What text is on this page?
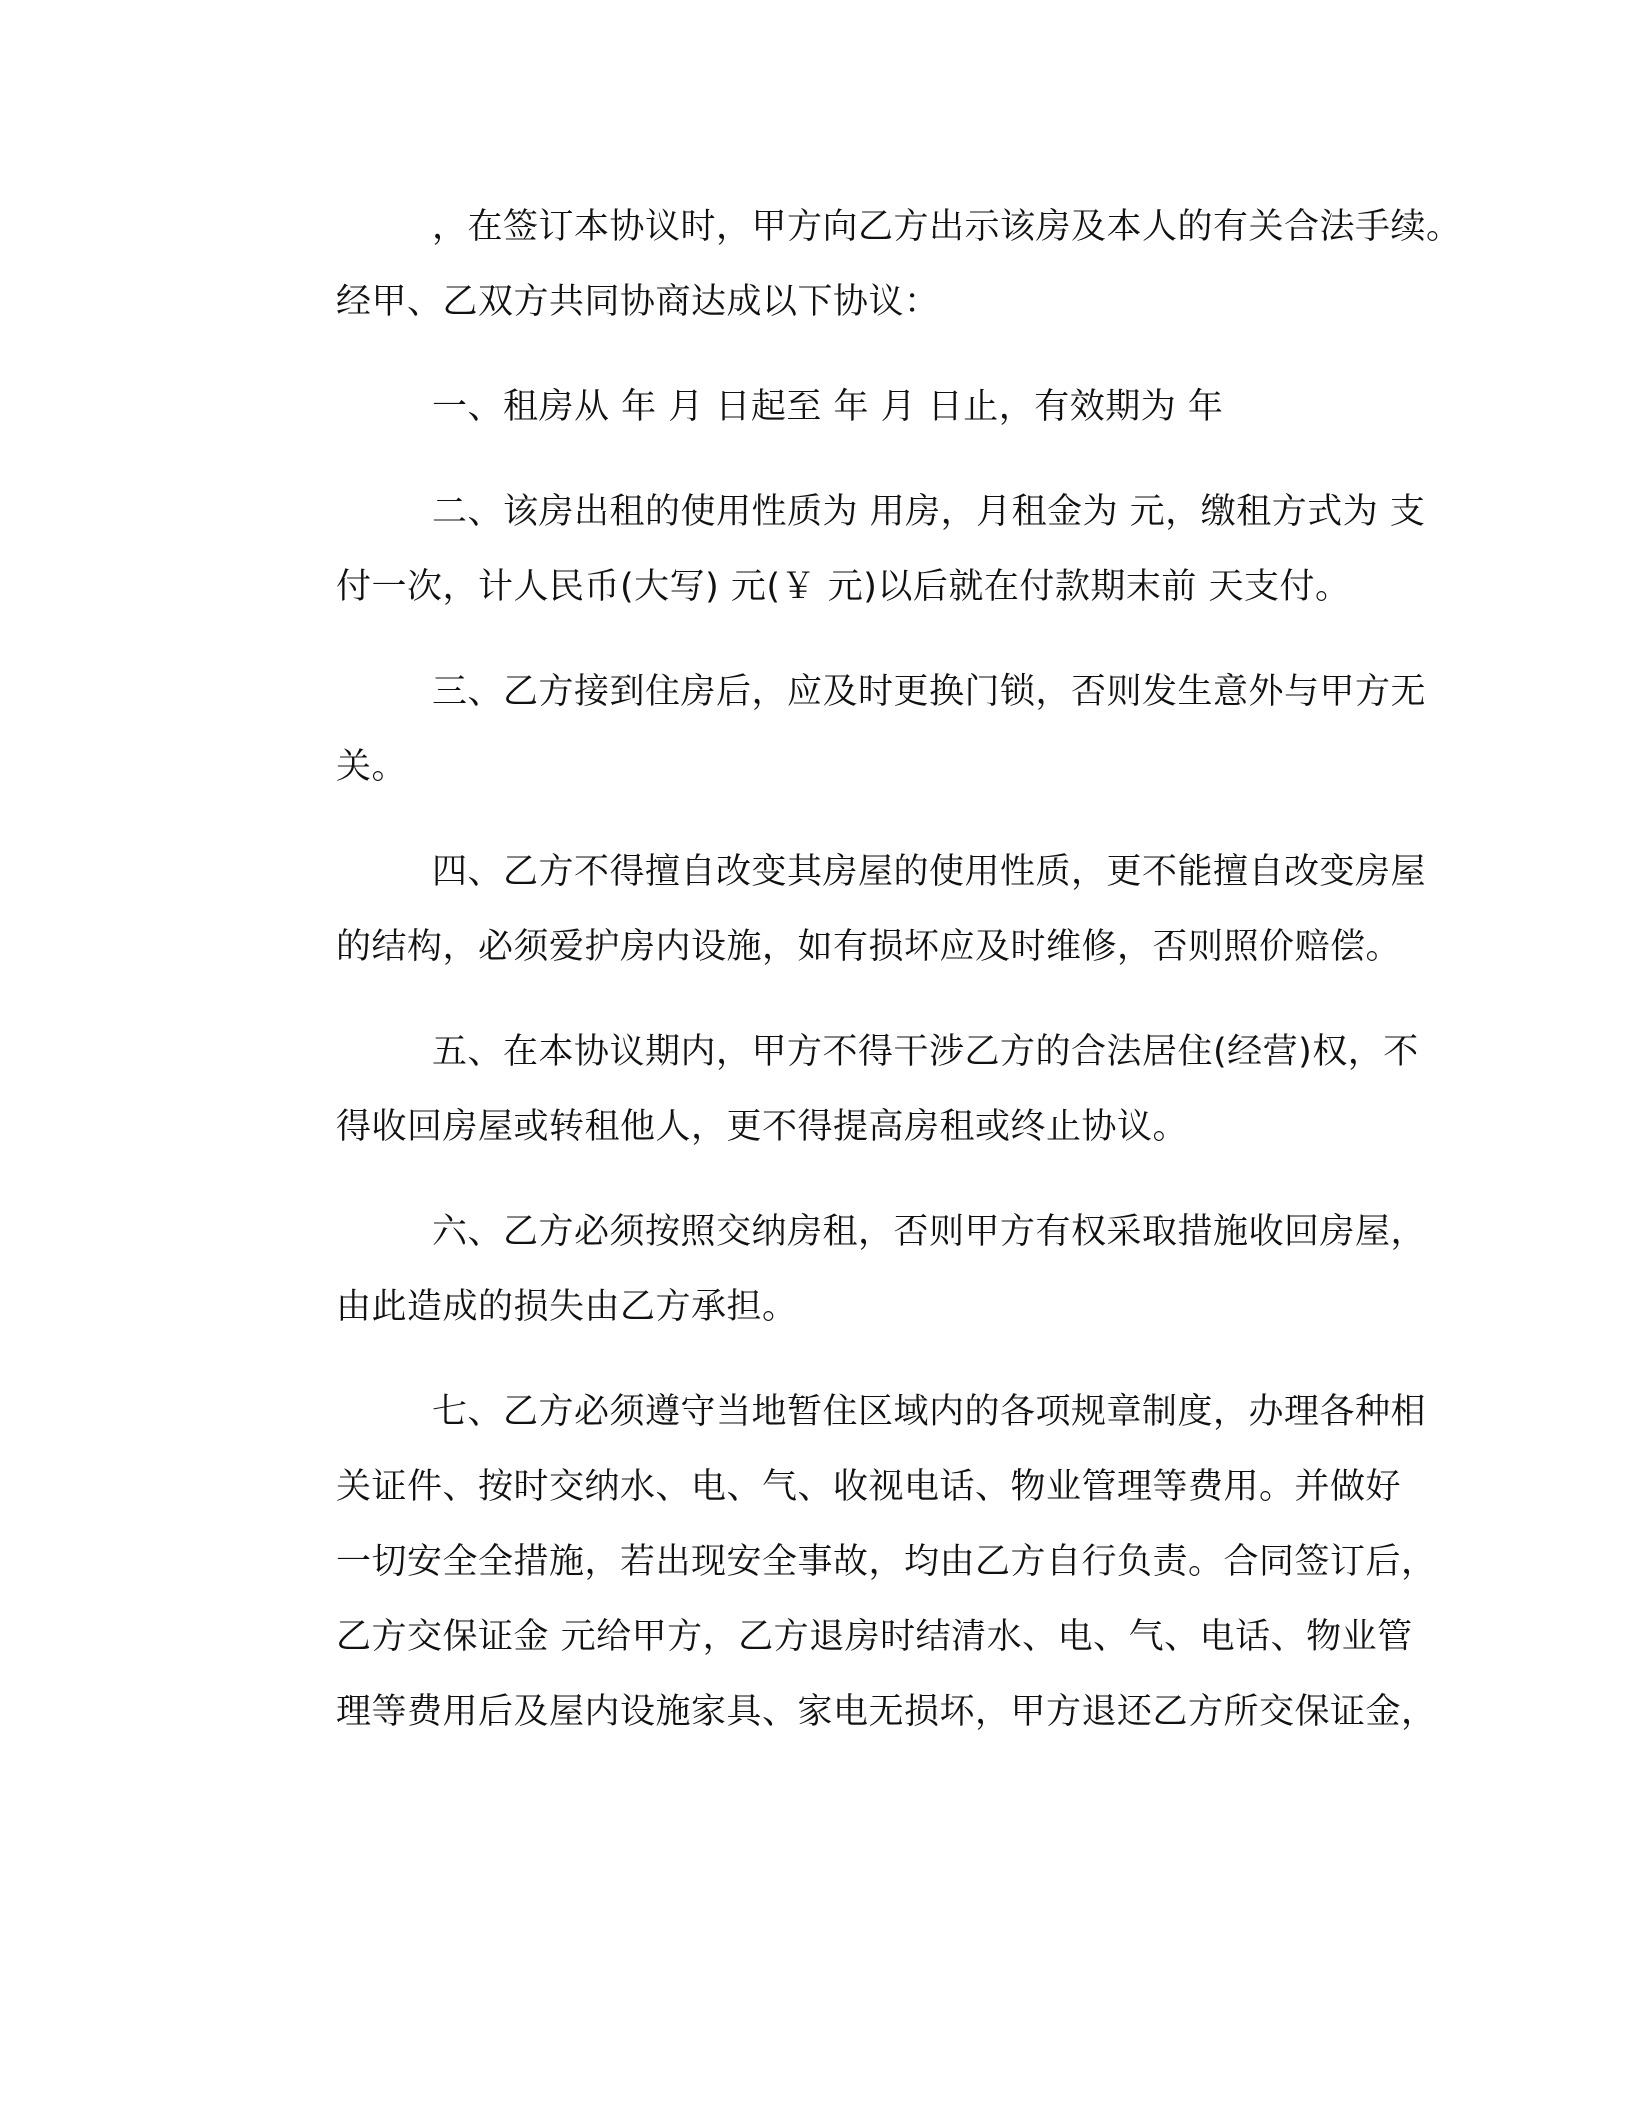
，在签订本协议时，甲方向乙方出示该房及本人的有关合法手续。
经甲、乙双方共同协商达成以下协议：
一、租房从 年 月 日起至 年 月 日止，有效期为 年
二、该房出租的使用性质为 用房，月租金为 元，缴租方式为 支
付一次，计人民币(大写) 元(￥ 元)以后就在付款期末前 天支付。
三、乙方接到住房后，应及时更换门锁，否则发生意外与甲方无
关。
四、乙方不得擅自改变其房屋的使用性质，更不能擅自改变房屋
的结构，必须爱护房内设施，如有损坏应及时维修，否则照价赔偿。
五、在本协议期内，甲方不得干涉乙方的合法居住(经营)权，不
得收回房屋或转租他人，更不得提高房租或终止协议。
六、乙方必须按照交纳房租，否则甲方有权采取措施收回房屋，
由此造成的损失由乙方承担。
七、乙方必须遵守当地暂住区域内的各项规章制度，办理各种相
关证件、按时交纳水、电、气、收视电话、物业管理等费用。并做好
一切安全全措施，若出现安全事故，均由乙方自行负责。合同签订后，
乙方交保证金 元给甲方，乙方退房时结清水、电、气、电话、物业管
理等费用后及屋内设施家具、家电无损坏，甲方退还乙方所交保证金，
